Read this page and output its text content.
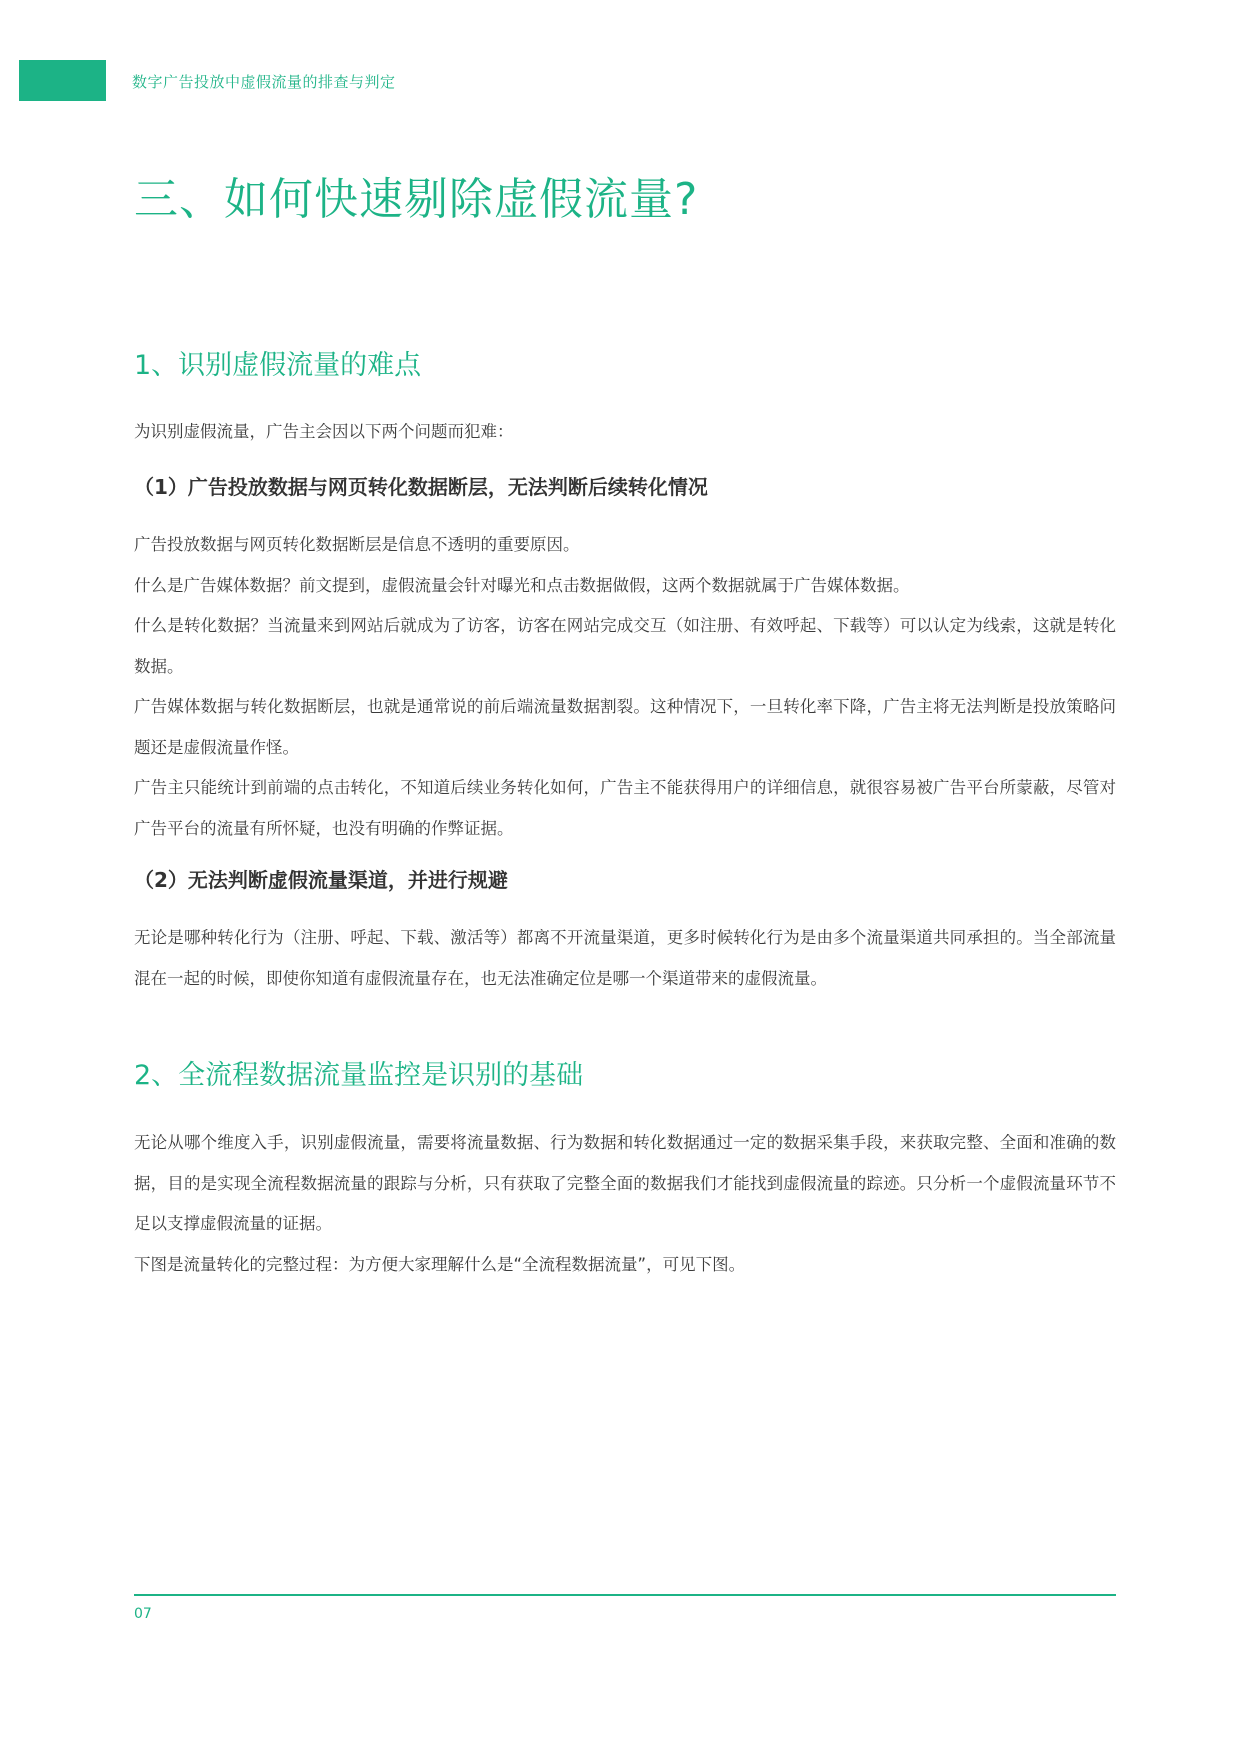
数字广告投放中虚假流量的排查与判定
三、如何快速剔除虚假流量?
1、识别虚假流量的难点

为识别虚假流量，广告主会因以下两个问题而犯难：

（1）广告投放数据与网页转化数据断层，无法判断后续转化情况

广告投放数据与网页转化数据断层是信息不透明的重要原因。

什么是广告媒体数据？前文提到，虚假流量会针对曝光和点击数据做假，这两个数据就属于广告媒体数据。

什么是转化数据？当流量来到网站后就成为了访客，访客在网站完成交互（如注册、有效呼起、下载等）可以认定为线索，这就是转化数据。

广告媒体数据与转化数据断层，也就是通常说的前后端流量数据割裂。这种情况下，一旦转化率下降，广告主将无法判断是投放策略问题还是虚假流量作怪。

广告主只能统计到前端的点击转化，不知道后续业务转化如何，广告主不能获得用户的详细信息，就很容易被广告平台所蒙蔽，尽管对广告平台的流量有所怀疑，也没有明确的作弊证据。

（2）无法判断虚假流量渠道，并进行规避

无论是哪种转化行为（注册、呼起、下载、激活等）都离不开流量渠道，更多时候转化行为是由多个流量渠道共同承担的。当全部流量混在一起的时候，即使你知道有虚假流量存在，也无法准确定位是哪一个渠道带来的虚假流量。

2、全流程数据流量监控是识别的基础

无论从哪个维度入手，识别虚假流量，需要将流量数据、行为数据和转化数据通过一定的数据采集手段，来获取完整、全面和准确的数据，目的是实现全流程数据流量的跟踪与分析，只有获取了完整全面的数据我们才能找到虚假流量的踪迹。只分析一个虚假流量环节不足以支撑虚假流量的证据。

下图是流量转化的完整过程：为方便大家理解什么是“全流程数据流量”，可见下图。

07
